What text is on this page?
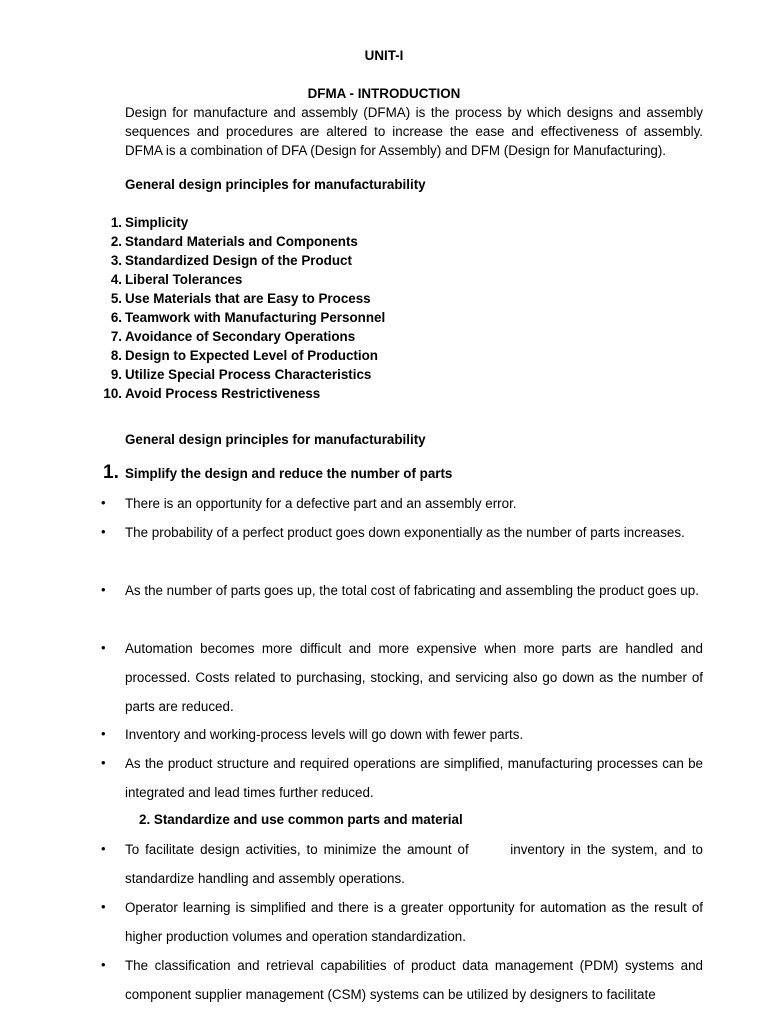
UNIT-I
DFMA - INTRODUCTION
Design for manufacture and assembly (DFMA) is the process by which designs and assembly sequences and procedures are altered to increase the ease and effectiveness of assembly. DFMA is a combination of DFA (Design for Assembly) and DFM (Design for Manufacturing).
General design principles for manufacturability
1. Simplicity
2. Standard Materials and Components
3. Standardized Design of the Product
4. Liberal Tolerances
5. Use Materials that are Easy to Process
6. Teamwork with Manufacturing Personnel
7. Avoidance of Secondary Operations
8. Design to Expected Level of Production
9. Utilize Special Process Characteristics
10. Avoid Process Restrictiveness
General design principles for manufacturability
1. Simplify the design and reduce the number of parts
• There is an opportunity for a defective part and an assembly error.
• The probability of a perfect product goes down exponentially as the number of parts increases.
• As the number of parts goes up, the total cost of fabricating and assembling the product goes up.
• Automation becomes more difficult and more expensive when more parts are handled and processed. Costs related to purchasing, stocking, and servicing also go down as the number of parts are reduced.
• Inventory and working-process levels will go down with fewer parts.
• As the product structure and required operations are simplified, manufacturing processes can be integrated and lead times further reduced.
2. Standardize and use common parts and material
• To facilitate design activities, to minimize the amount of       inventory in the system, and to standardize handling and assembly operations.
• Operator learning is simplified and there is a greater opportunity for automation as the result of higher production volumes and operation standardization.
• The classification and retrieval capabilities of product data management (PDM) systems and component supplier management (CSM) systems can be utilized by designers to facilitate
